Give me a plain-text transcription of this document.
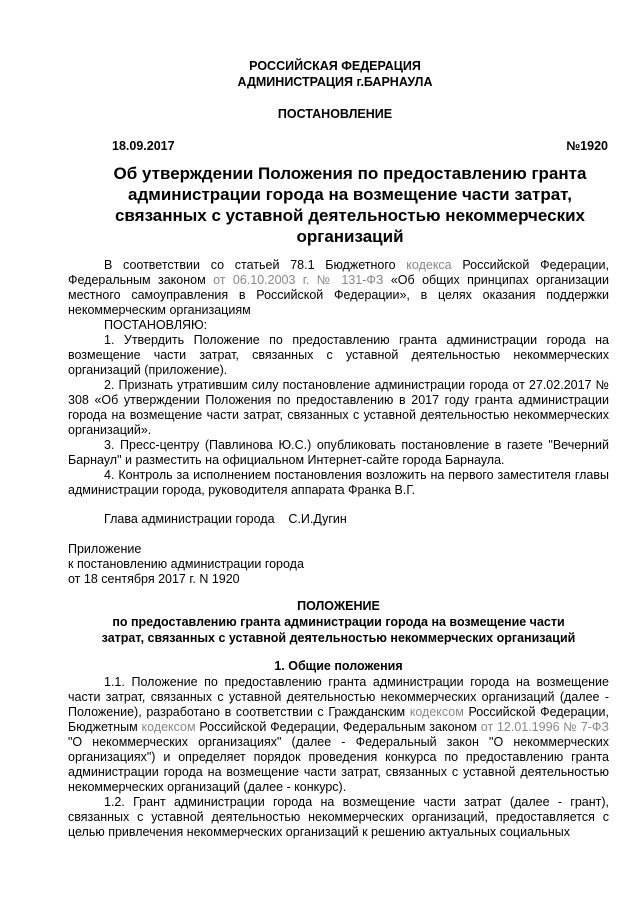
РОССИЙСКАЯ ФЕДЕРАЦИЯ
АДМИНИСТРАЦИЯ г.БАРНАУЛА
ПОСТАНОВЛЕНИЕ
18.09.2017	№1920
Об утверждении Положения по предоставлению гранта
администрации города на возмещение части затрат,
связанных с уставной деятельностью некоммерческих
организаций

В соответствии со статьей 78.1 Бюджетного кодекса Российской Федерации, Федеральным законом от 06.10.2003 г. № 131-ФЗ «Об общих принципах организации местного самоуправления в Российской Федерации», в целях оказания поддержки некоммерческим организациям

ПОСТАНОВЛЯЮ:

1. Утвердить Положение по предоставлению гранта администрации города на возмещение части затрат, связанных с уставной деятельностью некоммерческих организаций (приложение).

2. Признать утратившим силу постановление администрации города от 27.02.2017 № 308 «Об утверждении Положения по предоставлению в 2017 году гранта администрации города на возмещение части затрат, связанных с уставной деятельностью некоммерческих организаций».

3. Пресс-центру (Павлинова Ю.С.) опубликовать постановление в газете "Вечерний Барнаул" и разместить на официальном Интернет-сайте города Барнаула.

4. Контроль за исполнением постановления возложить на первого заместителя главы администрации города, руководителя аппарата Франка В.Г.

Глава администрации города    С.И.Дугин

Приложение

к постановлению администрации города

от 18 сентября 2017 г. N 1920

ПОЛОЖЕНИЕ
по предоставлению гранта администрации города на возмещение части
затрат, связанных с уставной деятельностью некоммерческих организаций
1. Общие положения

1.1. Положение по предоставлению гранта администрации города на возмещение части затрат, связанных с уставной деятельностью некоммерческих организаций (далее - Положение), разработано в соответствии с Гражданским кодексом Российской Федерации, Бюджетным кодексом Российской Федерации, Федеральным законом от 12.01.1996 № 7-ФЗ "О некоммерческих организациях" (далее - Федеральный закон "О некоммерческих организациях") и определяет порядок проведения конкурса по предоставлению гранта администрации города на возмещение части затрат, связанных с уставной деятельностью некоммерческих организаций (далее - конкурс).

1.2. Грант администрации города на возмещение части затрат (далее - грант), связанных с уставной деятельностью некоммерческих организаций, предоставляется с целью привлечения некоммерческих организаций к решению актуальных социальных
